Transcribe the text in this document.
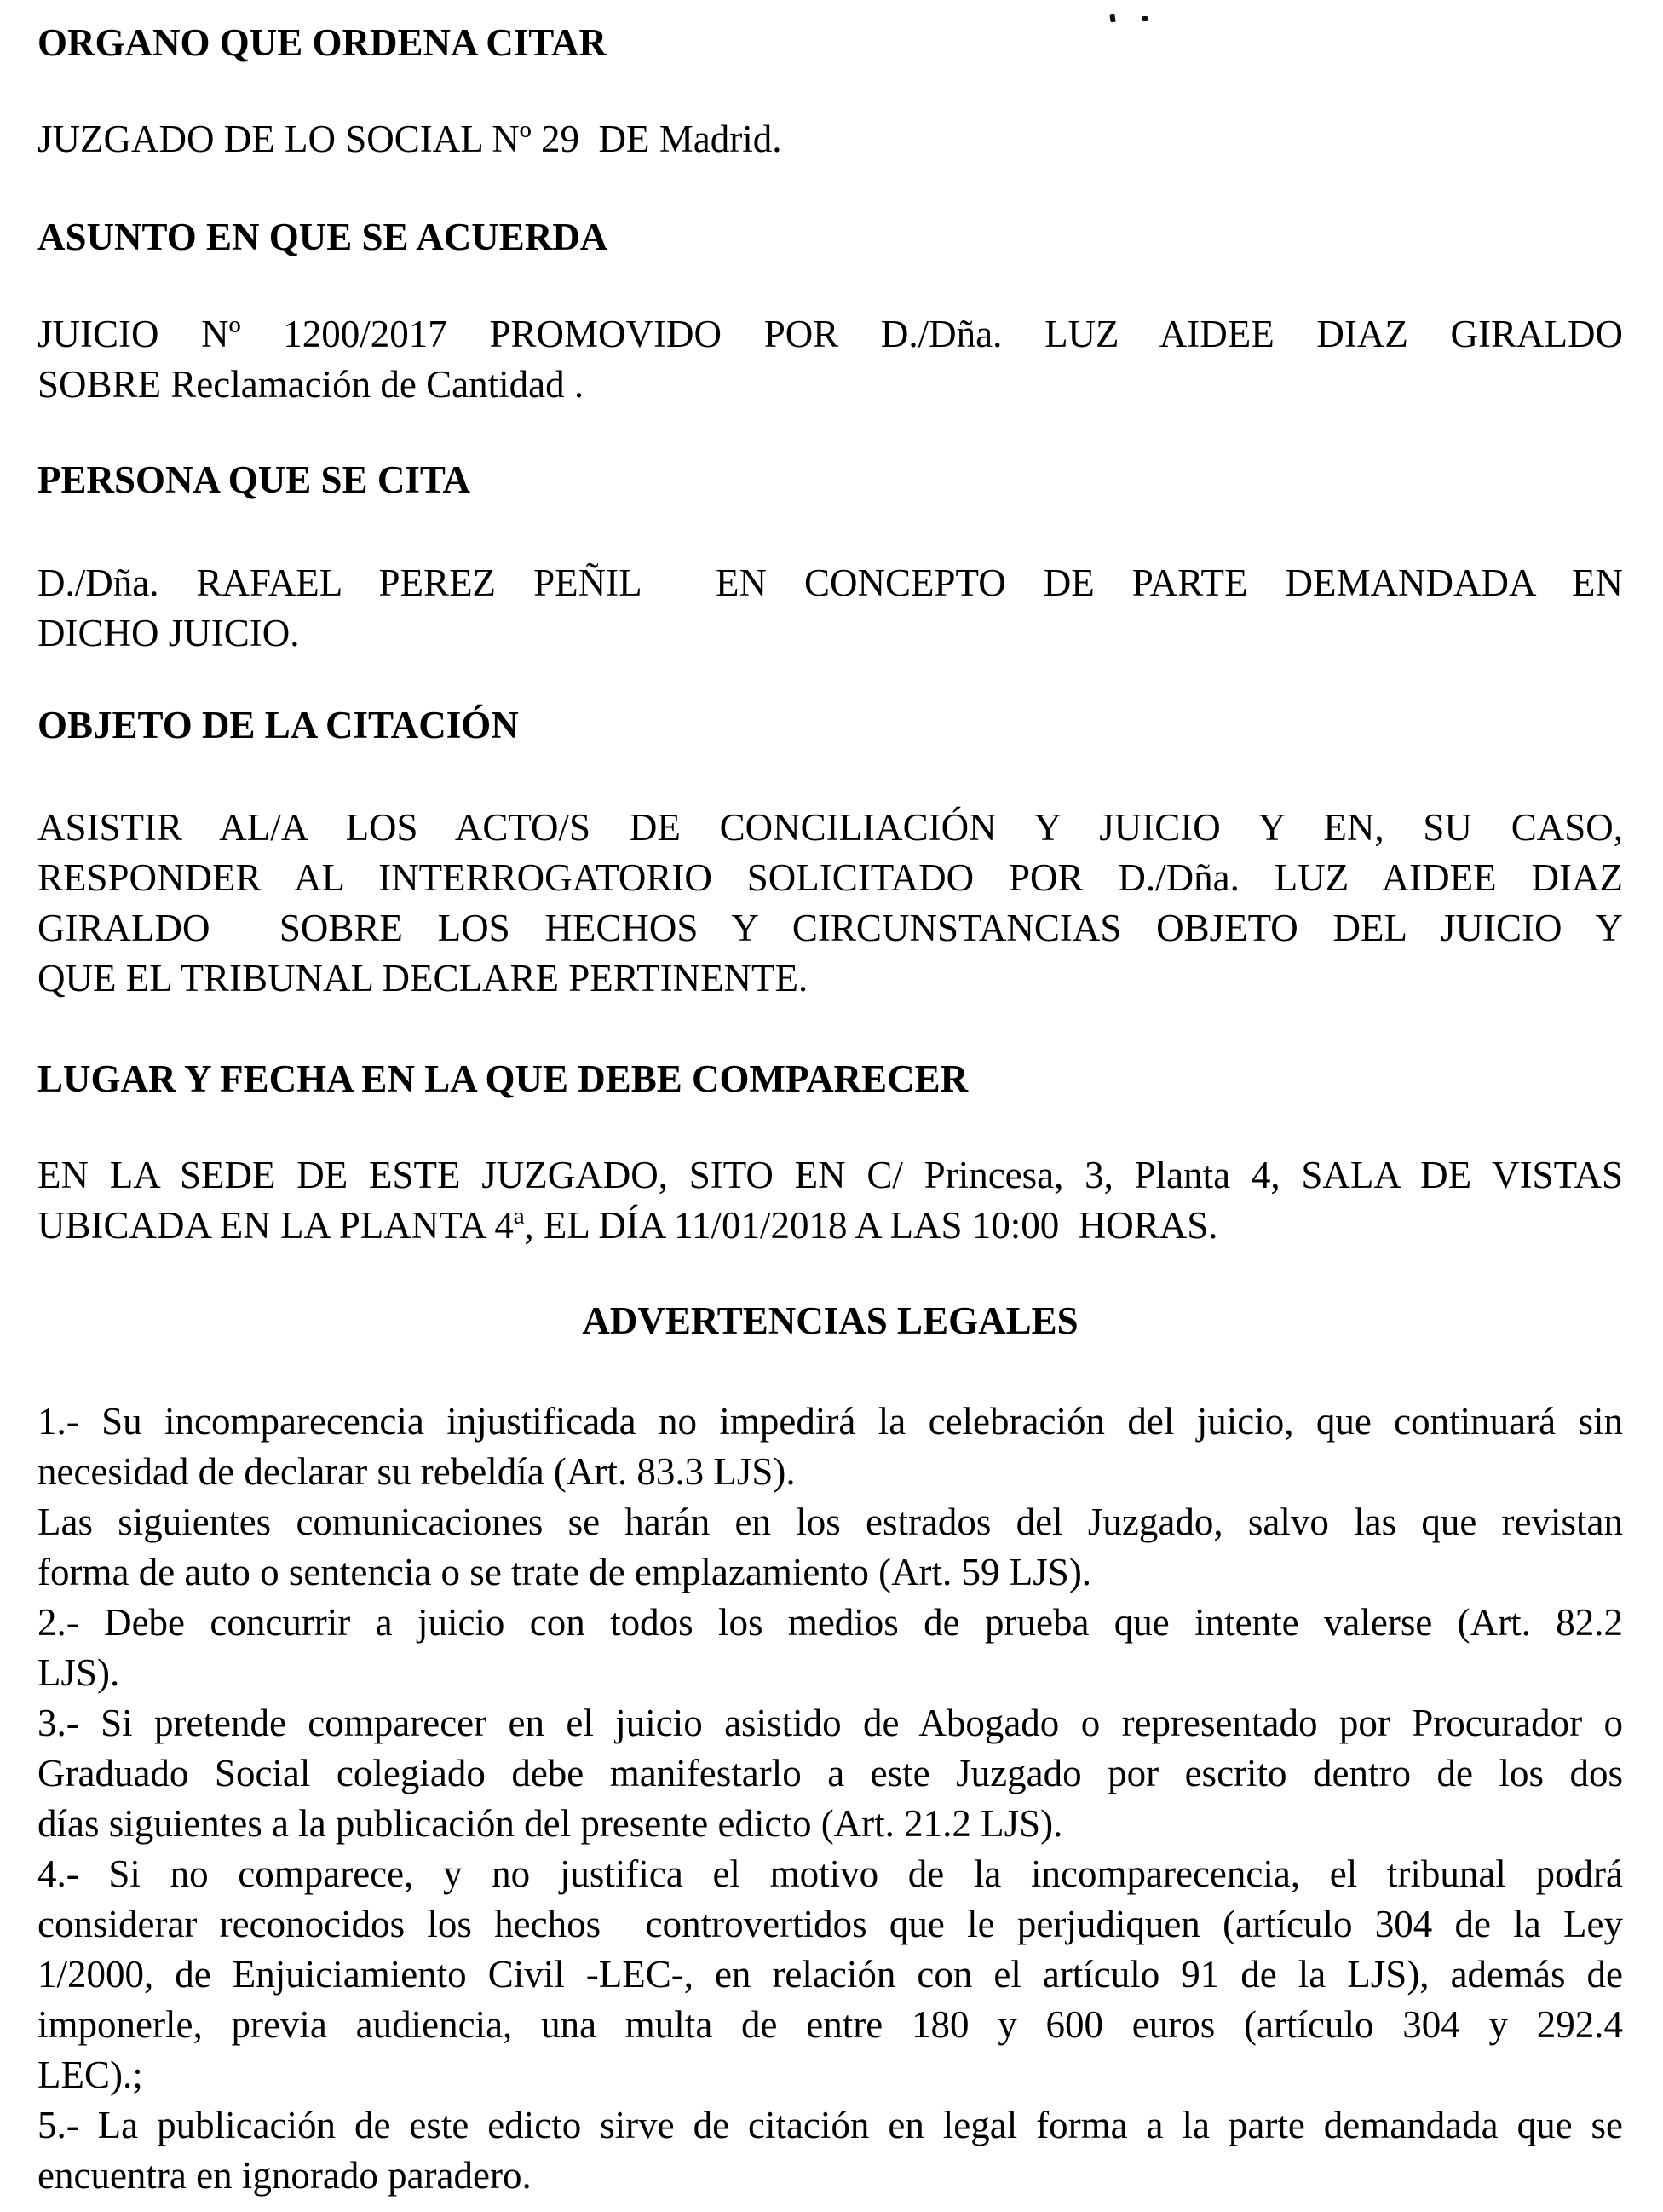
ORGANO QUE ORDENA CITAR
JUZGADO DE LO SOCIAL Nº 29  DE Madrid.
ASUNTO EN QUE SE ACUERDA
JUICIO Nº 1200/2017 PROMOVIDO POR D./Dña. LUZ AIDEE DIAZ GIRALDO
SOBRE Reclamación de Cantidad .
PERSONA QUE SE CITA
D./Dña. RAFAEL PEREZ PEÑIL  EN CONCEPTO DE PARTE DEMANDADA EN
DICHO JUICIO.
OBJETO DE LA CITACIÓN
ASISTIR AL/A LOS ACTO/S DE CONCILIACIÓN Y JUICIO Y EN, SU CASO,
RESPONDER AL INTERROGATORIO SOLICITADO POR D./Dña. LUZ AIDEE DIAZ
GIRALDO  SOBRE LOS HECHOS Y CIRCUNSTANCIAS OBJETO DEL JUICIO Y
QUE EL TRIBUNAL DECLARE PERTINENTE.
LUGAR Y FECHA EN LA QUE DEBE COMPARECER
EN LA SEDE DE ESTE JUZGADO, SITO EN C/ Princesa, 3, Planta 4, SALA DE VISTAS
UBICADA EN LA PLANTA 4ª, EL DÍA 11/01/2018 A LAS 10:00  HORAS.
ADVERTENCIAS LEGALES
1.- Su incomparecencia injustificada no impedirá la celebración del juicio, que continuará sin
necesidad de declarar su rebeldía (Art. 83.3 LJS).
Las siguientes comunicaciones se harán en los estrados del Juzgado, salvo las que revistan
forma de auto o sentencia o se trate de emplazamiento (Art. 59 LJS).
2.- Debe concurrir a juicio con todos los medios de prueba que intente valerse (Art. 82.2
LJS).
3.- Si pretende comparecer en el juicio asistido de Abogado o representado por Procurador o
Graduado Social colegiado debe manifestarlo a este Juzgado por escrito dentro de los dos
días siguientes a la publicación del presente edicto (Art. 21.2 LJS).
4.- Si no comparece, y no justifica el motivo de la incomparecencia, el tribunal podrá
considerar reconocidos los hechos  controvertidos que le perjudiquen (artículo 304 de la Ley
1/2000, de Enjuiciamiento Civil -LEC-, en relación con el artículo 91 de la LJS), además de
imponerle, previa audiencia, una multa de entre 180 y 600 euros (artículo 304 y 292.4
LEC).;
5.- La publicación de este edicto sirve de citación en legal forma a la parte demandada que se
encuentra en ignorado paradero.
